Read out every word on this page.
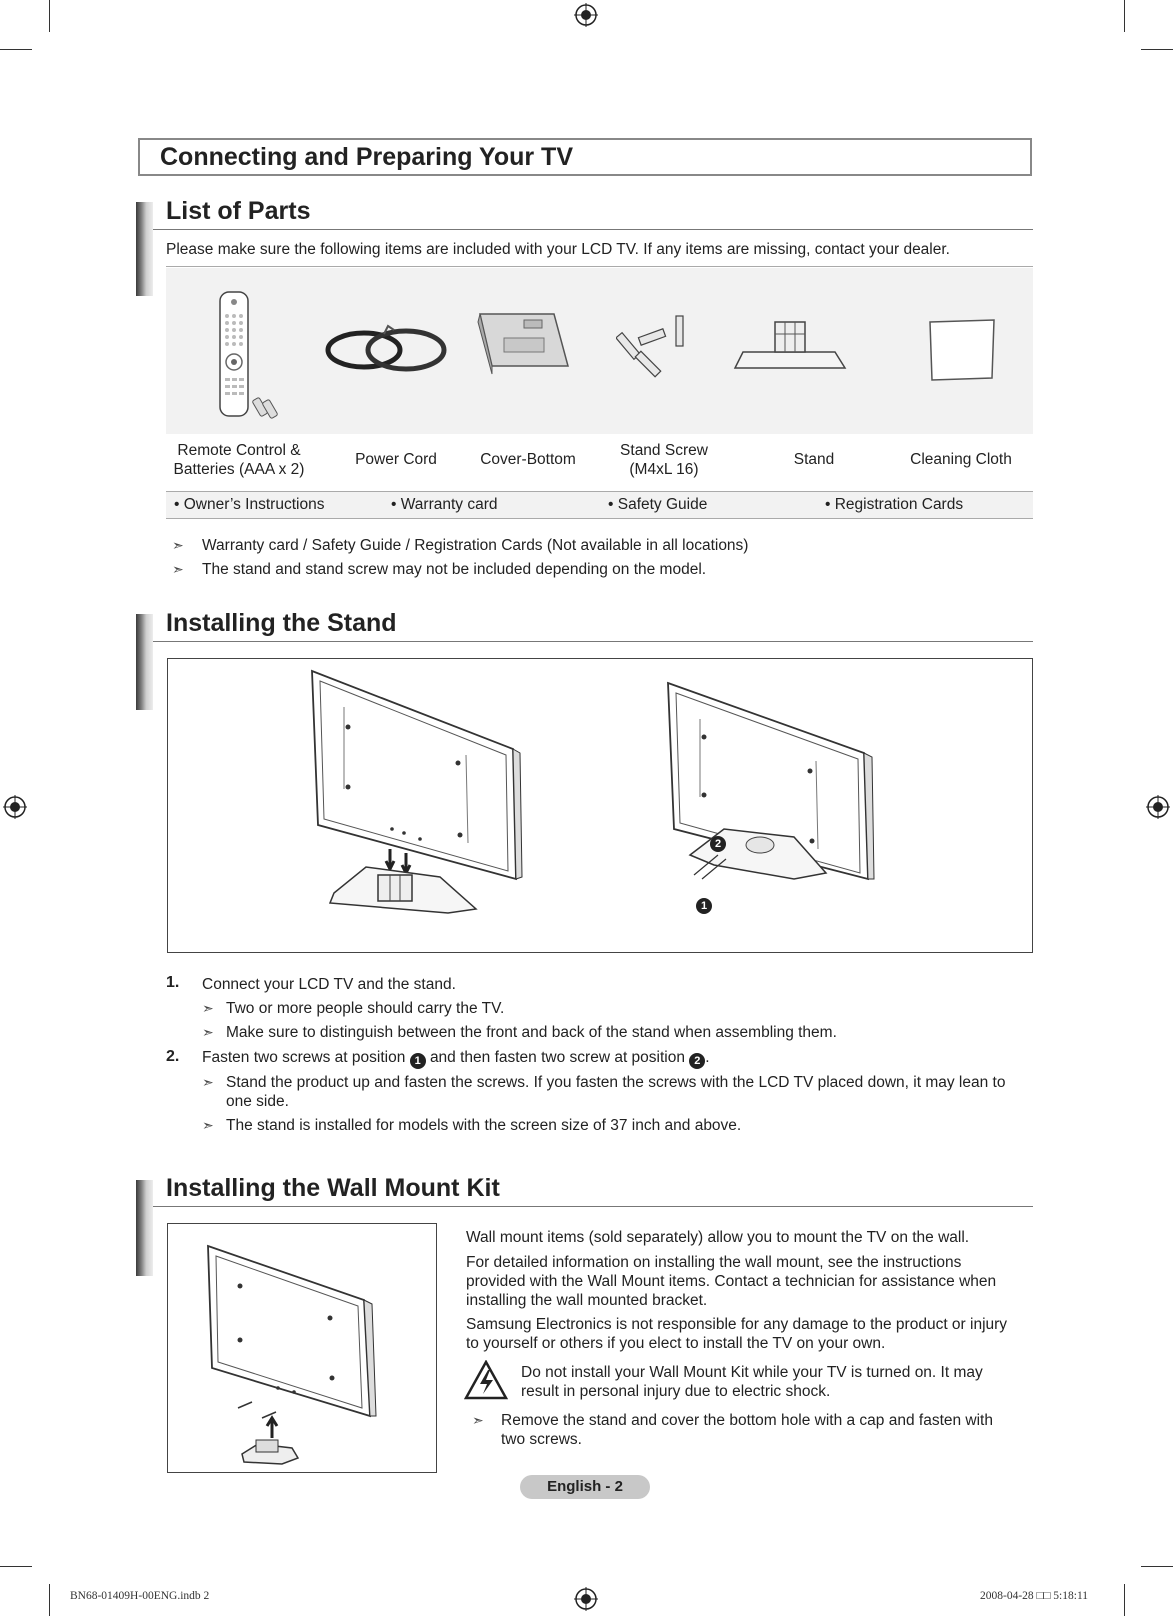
Connecting and Preparing Your TV
List of Parts
Please make sure the following items are included with your LCD TV. If any items are missing, contact your dealer.
Remote Control &
Batteries (AAA x 2)
Power Cord	Cover-Bottom
Stand Screw
(M4xL 16)
Stand	Cleaning Cloth
• Owner’s Instructions	• Warranty card	• Safety Guide	• Registration Cards
➣ Warranty card / Safety Guide / Registration Cards (Not available in all locations)
➣ The stand and stand screw may not be included depending on the model.
Installing the Stand
2
1
1. Connect your LCD TV and the stand.
➣ Two or more people should carry the TV.
➣ Make sure to distinguish between the front and back of the stand when assembling them.
2. Fasten two screws at position 1 and then fasten two screw at position 2 .
➣ Stand the product up and fasten the screws. If you fasten the screws with the LCD TV placed down, it may lean to
one side.
➣ The stand is installed for models with the screen size of 37 inch and above.
Installing the Wall Mount Kit
Wall mount items (sold separately) allow you to mount the TV on the wall.
For detailed information on installing the wall mount, see the instructions
provided with the Wall Mount items. Contact a technician for assistance when
installing the wall mounted bracket.
Samsung Electronics is not responsible for any damage to the product or injury
to yourself or others if you elect to install the TV on your own.
Do not install your Wall Mount Kit while your TV is turned on. It may
result in personal injury due to electric shock.
➣ Remove the stand and cover the bottom hole with a cap and fasten with
two screws.
English - 2
BN68-01409H-00ENG.indb 2	2008-04-28 □□ 5:18:11
